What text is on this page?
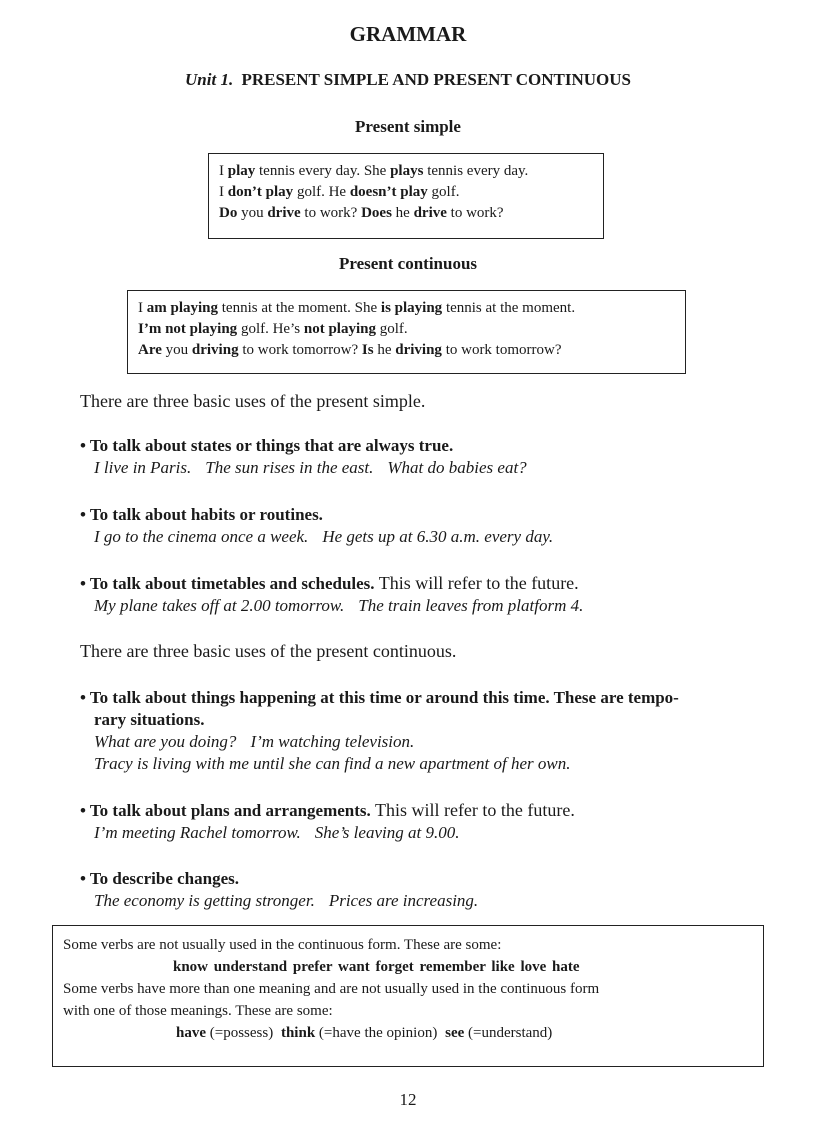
GRAMMAR
Unit 1. PRESENT SIMPLE AND PRESENT CONTINUOUS
Present simple
I play tennis every day. She plays tennis every day.
I don’t play golf. He doesn’t play golf.
Do you drive to work? Does he drive to work?
Present continuous
I am playing tennis at the moment. She is playing tennis at the moment.
I’m not playing golf. He’s not playing golf.
Are you driving to work tomorrow? Is he driving to work tomorrow?
There are three basic uses of the present simple.
• To talk about states or things that are always true.
I live in Paris. The sun rises in the east. What do babies eat?
• To talk about habits or routines.
I go to the cinema once a week. He gets up at 6.30 a.m. every day.
• To talk about timetables and schedules. This will refer to the future.
My plane takes off at 2.00 tomorrow. The train leaves from platform 4.
There are three basic uses of the present continuous.
• To talk about things happening at this time or around this time. These are tempo-
rary situations.
What are you doing? I’m watching television.
Tracy is living with me until she can find a new apartment of her own.
• To talk about plans and arrangements. This will refer to the future.
I’m meeting Rachel tomorrow. She’s leaving at 9.00.
• To describe changes.
The economy is getting stronger. Prices are increasing.
Some verbs are not usually used in the continuous form. These are some:
know understand prefer want forget remember like love hate
Some verbs have more than one meaning and are not usually used in the continuous form
with one of those meanings. These are some:
have (=possess) think (=have the opinion) see (=understand)
12
